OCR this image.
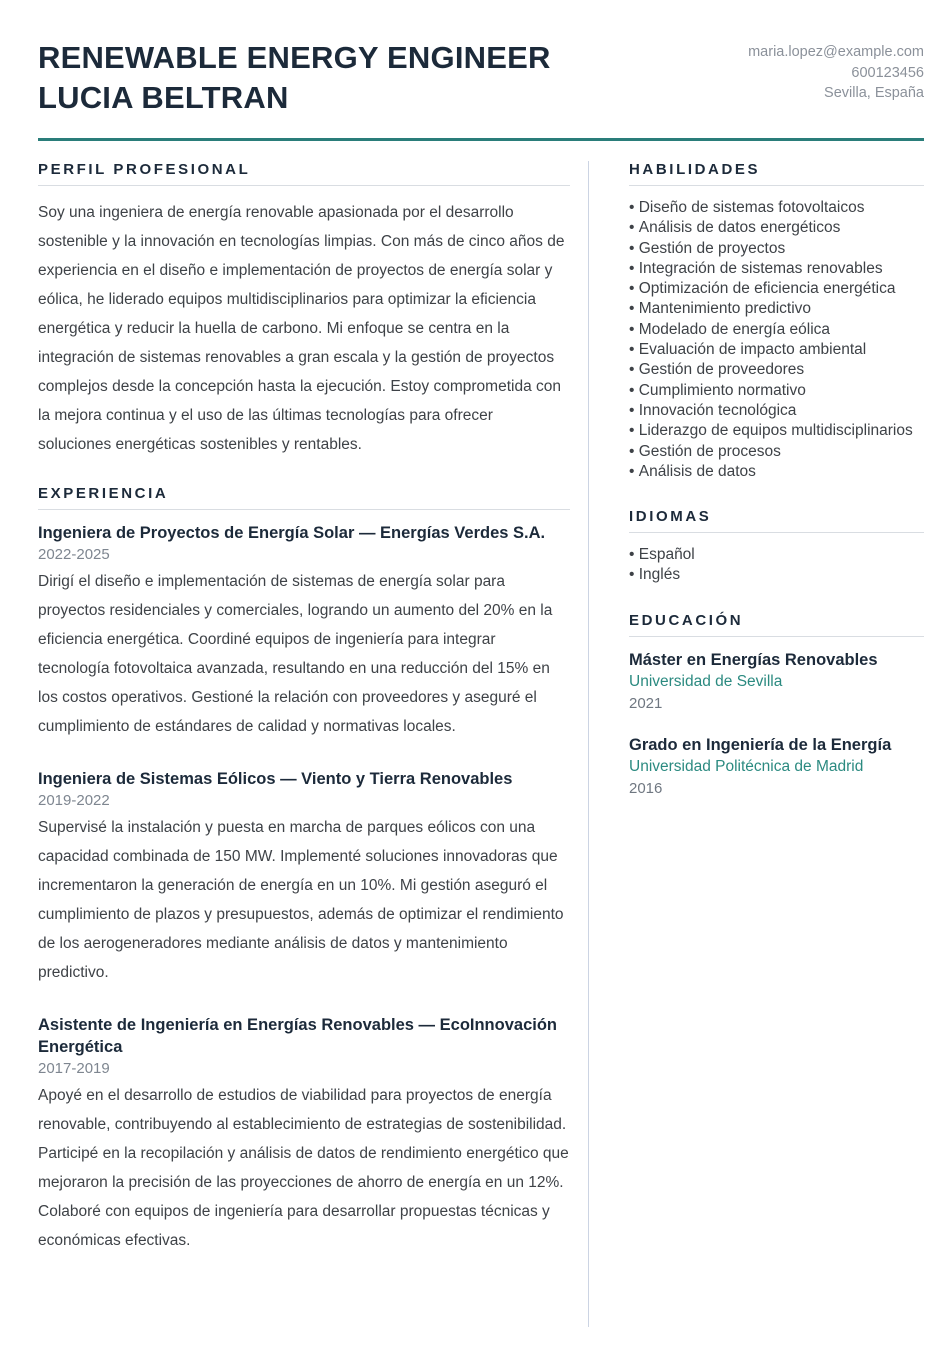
RENEWABLE ENERGY ENGINEER
LUCIA BELTRAN
maria.lopez@example.com
600123456
Sevilla, España
PERFIL PROFESIONAL

Soy una ingeniera de energía renovable apasionada por el desarrollo sostenible y la innovación en tecnologías limpias. Con más de cinco años de experiencia en el diseño e implementación de proyectos de energía solar y eólica, he liderado equipos multidisciplinarios para optimizar la eficiencia energética y reducir la huella de carbono. Mi enfoque se centra en la integración de sistemas renovables a gran escala y la gestión de proyectos complejos desde la concepción hasta la ejecución. Estoy comprometida con la mejora continua y el uso de las últimas tecnologías para ofrecer soluciones energéticas sostenibles y rentables.

EXPERIENCIA
Ingeniera de Proyectos de Energía Solar — Energías Verdes S.A.
2022-2025

Dirigí el diseño e implementación de sistemas de energía solar para proyectos residenciales y comerciales, logrando un aumento del 20% en la eficiencia energética. Coordiné equipos de ingeniería para integrar tecnología fotovoltaica avanzada, resultando en una reducción del 15% en los costos operativos. Gestioné la relación con proveedores y aseguré el cumplimiento de estándares de calidad y normativas locales.

Ingeniera de Sistemas Eólicos — Viento y Tierra Renovables
2019-2022

Supervisé la instalación y puesta en marcha de parques eólicos con una capacidad combinada de 150 MW. Implementé soluciones innovadoras que incrementaron la generación de energía en un 10%. Mi gestión aseguró el cumplimiento de plazos y presupuestos, además de optimizar el rendimiento de los aerogeneradores mediante análisis de datos y mantenimiento predictivo.

Asistente de Ingeniería en Energías Renovables — EcoInnovación Energética
2017-2019

Apoyé en el desarrollo de estudios de viabilidad para proyectos de energía renovable, contribuyendo al establecimiento de estrategias de sostenibilidad. Participé en la recopilación y análisis de datos de rendimiento energético que mejoraron la precisión de las proyecciones de ahorro de energía en un 12%. Colaboré con equipos de ingeniería para desarrollar propuestas técnicas y económicas efectivas.

HABILIDADES
• Diseño de sistemas fotovoltaicos
• Análisis de datos energéticos
• Gestión de proyectos
• Integración de sistemas renovables
• Optimización de eficiencia energética
• Mantenimiento predictivo
• Modelado de energía eólica
• Evaluación de impacto ambiental
• Gestión de proveedores
• Cumplimiento normativo
• Innovación tecnológica
• Liderazgo de equipos multidisciplinarios
• Gestión de procesos
• Análisis de datos
IDIOMAS
• Español
• Inglés
EDUCACIÓN
Máster en Energías Renovables
Universidad de Sevilla
2021
Grado en Ingeniería de la Energía
Universidad Politécnica de Madrid
2016
